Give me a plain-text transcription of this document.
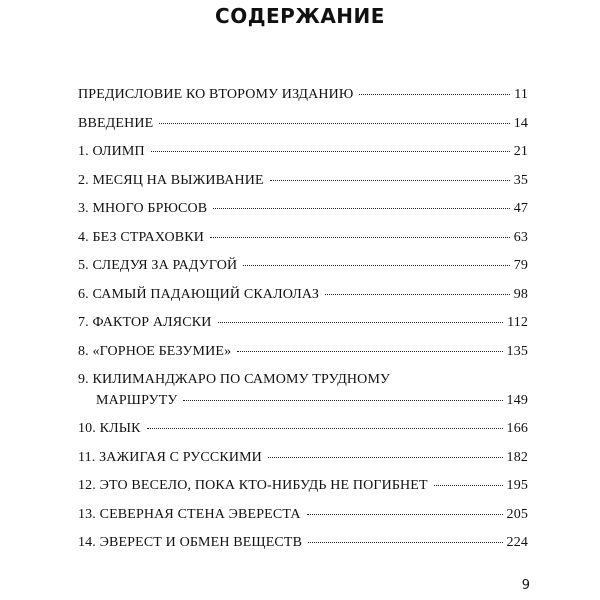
СОДЕРЖАНИЕ
ПРЕДИСЛОВИЕ КО ВТОРОМУ ИЗДАНИЮ	11
ВВЕДЕНИЕ	14
1. ОЛИМП	21
2. МЕСЯЦ НА ВЫЖИВАНИЕ	35
3. МНОГО БРЮСОВ	47
4. БЕЗ СТРАХОВКИ	63
5. СЛЕДУЯ ЗА РАДУГОЙ	79
6. САМЫЙ ПАДАЮЩИЙ СКАЛОЛАЗ	98
7. ФАКТОР АЛЯСКИ	112
8. «ГОРНОЕ БЕЗУМИЕ»	135
9. КИЛИМАНДЖАРО ПО САМОМУ ТРУДНОМУ
МАРШРУТУ	149
10. КЛЫК	166
11. ЗАЖИГАЯ С РУССКИМИ	182
12. ЭТО ВЕСЕЛО, ПОКА КТО-НИБУДЬ НЕ ПОГИБНЕТ	195
13. СЕВЕРНАЯ СТЕНА ЭВЕРЕСТА	205
14. ЭВЕРЕСТ И ОБМЕН ВЕЩЕСТВ	224
9
